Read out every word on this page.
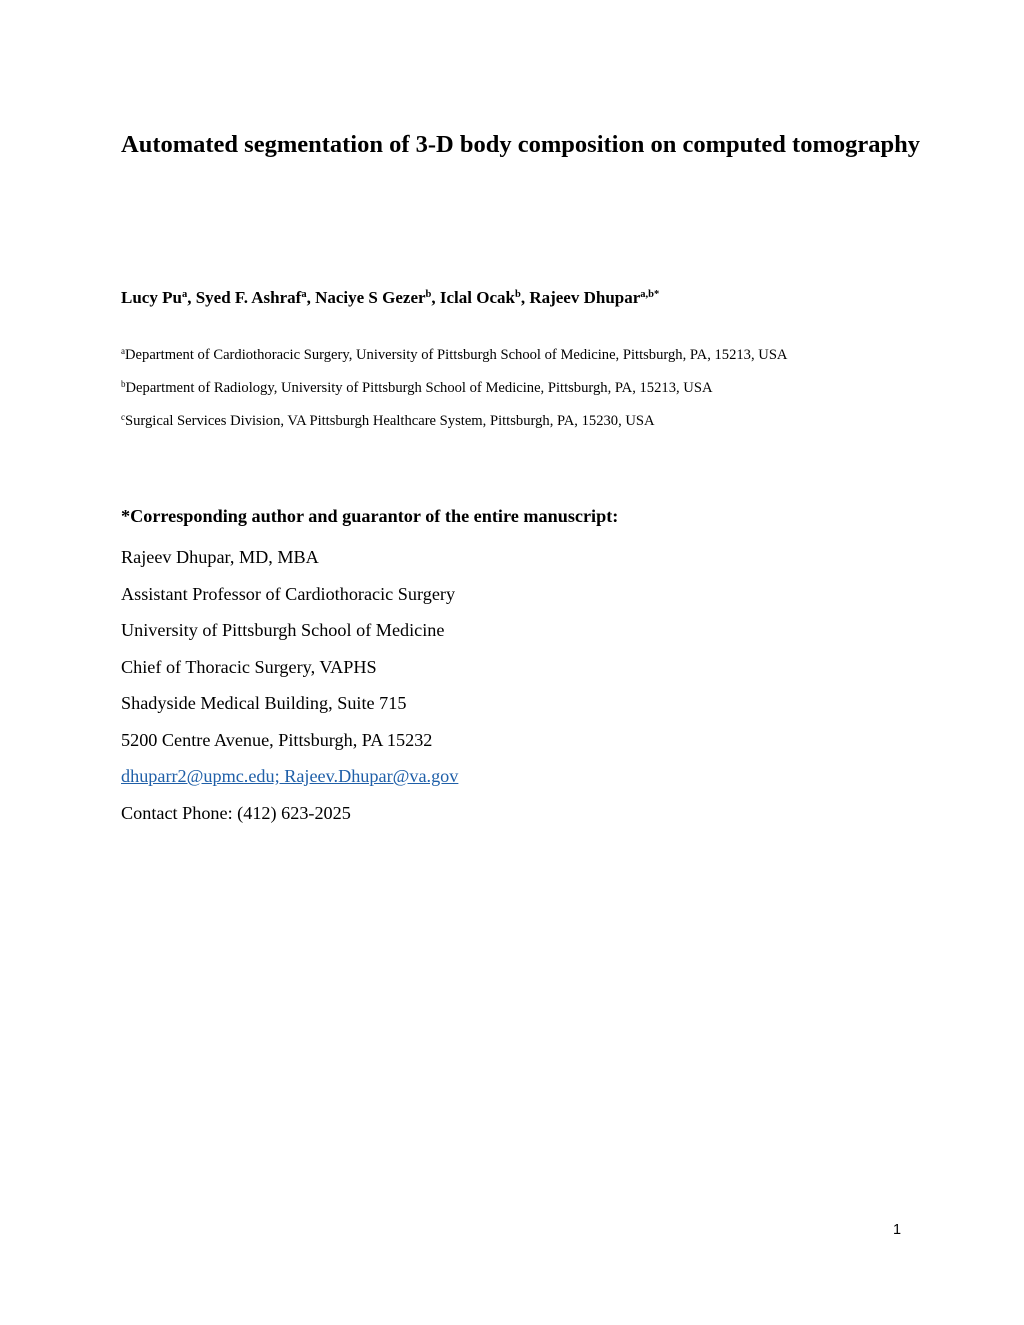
Automated segmentation of 3-D body composition on computed tomography

Lucy Pu$^a$, Syed F. Ashraf$^a$, Naciye S Gezer$^b$, Iclal Ocak$^b$, Rajeev Dhupar$^{a,b*}$

$^a$Department of Cardiothoracic Surgery, University of Pittsburgh School of Medicine, Pittsburgh, PA, 15213, USA

$^b$Department of Radiology, University of Pittsburgh School of Medicine, Pittsburgh, PA, 15213, USA

$^c$Surgical Services Division, VA Pittsburgh Healthcare System, Pittsburgh, PA, 15230, USA

*Corresponding author and guarantor of the entire manuscript:

Rajeev Dhupar, MD, MBA
Assistant Professor of Cardiothoracic Surgery
University of Pittsburgh School of Medicine
Chief of Thoracic Surgery, VAPHS
Shadyside Medical Building, Suite 715
5200 Centre Avenue, Pittsburgh, PA 15232
dhuparr2@upmc.edu; Rajeev.Dhupar@va.gov
Contact Phone: (412) 623-2025
1
